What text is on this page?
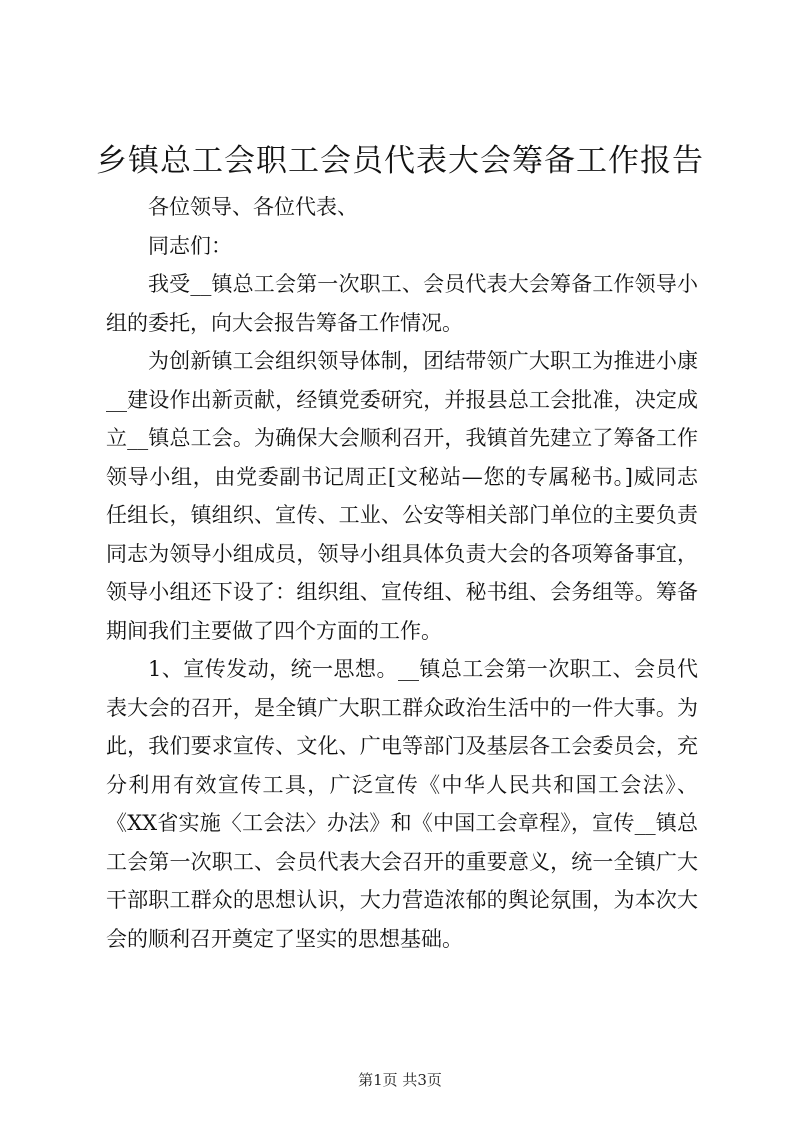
乡镇总工会职工会员代表大会筹备工作报告

各位领导、各位代表、

同志们：

我受__镇总工会第一次职工、会员代表大会筹备工作领导小组的委托，向大会报告筹备工作情况。

为创新镇工会组织领导体制，团结带领广大职工为推进小康__建设作出新贡献，经镇党委研究，并报县总工会批准，决定成立__镇总工会。为确保大会顺利召开，我镇首先建立了筹备工作领导小组，由党委副书记周正[文秘站—您的专属秘书。]威同志任组长，镇组织、宣传、工业、公安等相关部门单位的主要负责同志为领导小组成员，领导小组具体负责大会的各项筹备事宜，领导小组还下设了：组织组、宣传组、秘书组、会务组等。筹备期间我们主要做了四个方面的工作。

1、宣传发动，统一思想。__镇总工会第一次职工、会员代表大会的召开，是全镇广大职工群众政治生活中的一件大事。为此，我们要求宣传、文化、广电等部门及基层各工会委员会，充分利用有效宣传工具，广泛宣传《中华人民共和国工会法》、《XX省实施〈工会法〉办法》和《中国工会章程》，宣传__镇总工会第一次职工、会员代表大会召开的重要意义，统一全镇广大干部职工群众的思想认识，大力营造浓郁的舆论氛围，为本次大会的顺利召开奠定了坚实的思想基础。

第1页 共3页
